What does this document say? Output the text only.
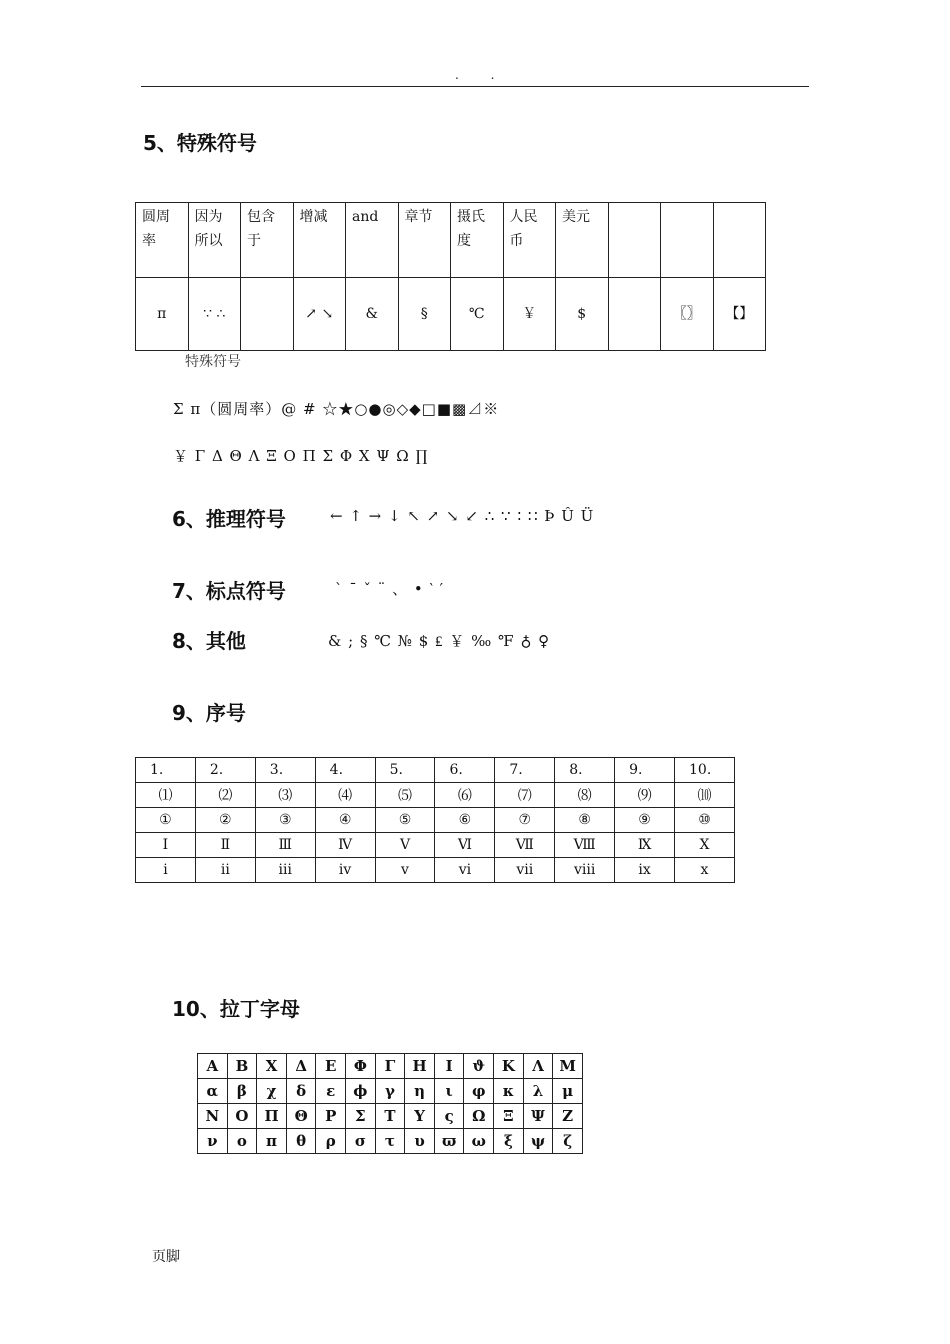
. .
5、特殊符号
圆周率	因为所以	包含于	增减	and	章节	摄氏度	人民币	美元			
π	∵ ∴		↗ ↘	&	§	℃	￥	$		〖〗	【】
特殊符号
Σ π（圆周率）@ # ☆★○●◎◇◆□■▩⊿※
￥ Γ Δ Θ Λ Ξ Ο Π Σ Φ Χ Ψ Ω ∏
6、推理符号	← ↑ → ↓ ↖ ↗ ↘ ↙ ∴ ∵ ∶ ∷ Þ Û Ü
7、标点符号	ˋ ˉ ˇ ¨ 、 • ‵ ′
8、其他	& ; § ℃ № $ ₤ ￥ ‰ ℉ ♁ ♀
9、序号
1.	2.	3.	4.	5.	6.	7.	8.	9.	10.
⑴	⑵	⑶	⑷	⑸	⑹	⑺	⑻	⑼	⑽
①	②	③	④	⑤	⑥	⑦	⑧	⑨	⑩
Ⅰ	Ⅱ	Ⅲ	Ⅳ	Ⅴ	Ⅵ	Ⅶ	Ⅷ	Ⅸ	Ⅹ
ⅰ	ⅱ	ⅲ	ⅳ	ⅴ	ⅵ	ⅶ	ⅷ	ⅸ	ⅹ
10、拉丁字母
Α	Β	Χ	Δ	Ε	Φ	Γ	Η	Ι	ϑ	Κ	Λ	Μ
α	β	χ	δ	ε	ϕ	γ	η	ι	φ	κ	λ	μ
Ν	Ο	Π	Θ	Ρ	Σ	Τ	Υ	ς	Ω	Ξ	Ψ	Ζ
ν	ο	π	θ	ρ	σ	τ	υ	ϖ	ω	ξ	ψ	ζ
页脚
